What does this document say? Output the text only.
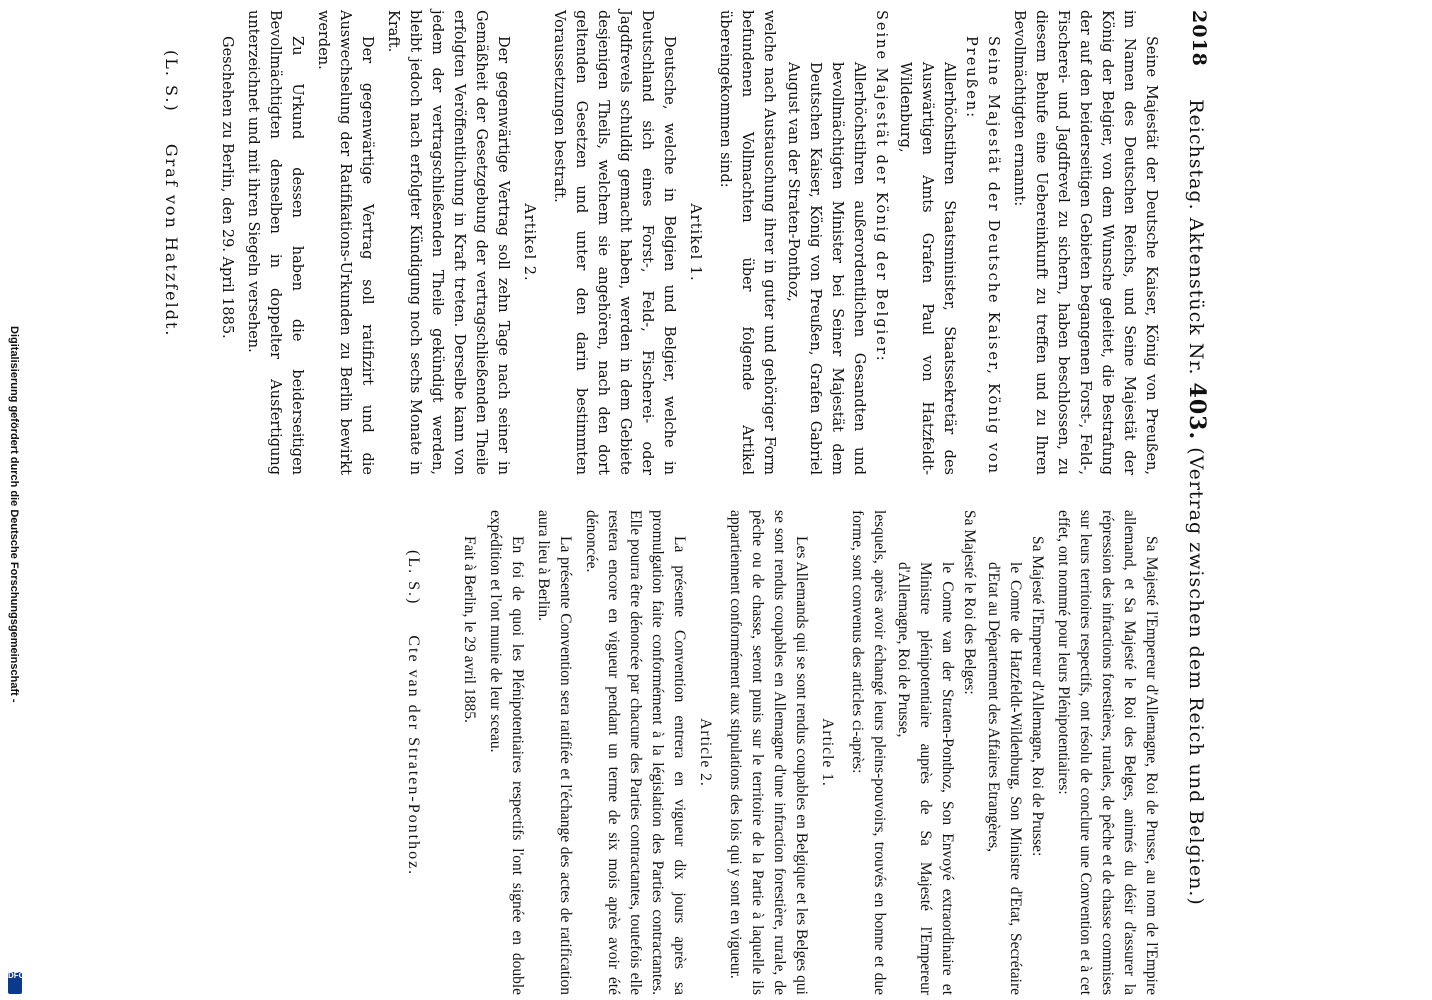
2018
Reichstag. Aktenstück Nr. 403. (Vertrag zwischen dem Reich und Belgien.)

Seine Majestät der Deutsche Kaiser, König von Preußen, im Namen des Deutschen Reichs, und Seine Majestät der König der Belgier, von dem Wunsche geleitet, die Bestrafung der auf den beiderseitigen Gebieten begangenen Forst-, Feld-, Fischerei- und Jagdfrevel zu sichern, haben beschlossen, zu diesem Behufe eine Uebereinkunft zu treffen und zu Ihren Bevollmächtigten ernannt:

Seine Majestät der Deutsche Kaiser, König von Preußen:

Allerhöchstihren Staatsminister, Staatssekretär des Auswärtigen Amts Grafen Paul von Hatzfeldt-Wildenburg,

Seine Majestät der König der Belgier:

Allerhöchstihren außerordentlichen Gesandten und bevollmächtigten Minister bei Seiner Majestät dem Deutschen Kaiser, König von Preußen, Grafen Gabriel August van der Straten-Ponthoz,

welche nach Austauschung ihrer in guter und gehöriger Form befundenen Vollmachten über folgende Artikel übereingekommen sind:

Artikel 1.

Deutsche, welche in Belgien und Belgier, welche in Deutschland sich eines Forst-, Feld-, Fischerei- oder Jagdfrevels schuldig gemacht haben, werden in dem Gebiete desjenigen Theils, welchem sie angehören, nach den dort geltenden Gesetzen und unter den darin bestimmten Voraussetzungen bestraft.

Artikel 2.

Der gegenwärtige Vertrag soll zehn Tage nach seiner in Gemäßheit der Gesetzgebung der vertragschließenden Theile erfolgten Veröffentlichung in Kraft treten. Derselbe kann von jedem der vertragschließenden Theile gekündigt werden, bleibt jedoch nach erfolgter Kündigung noch sechs Monate in Kraft.

Der gegenwärtige Vertrag soll ratifizirt und die Auswechselung der Ratifikations-Urkunden zu Berlin bewirkt werden.

Zu Urkund dessen haben die beiderseitigen Bevollmächtigten denselben in doppelter Ausfertigung unterzeichnet und mit ihren Siegeln versehen.

Geschehen zu Berlin, den 29. April 1885.

(L. S.) Graf von Hatzfeldt.

Sa Majesté l'Empereur d'Allemagne, Roi de Prusse, au nom de l'Empire allemand, et Sa Majesté le Roi des Belges, animés du désir d'assurer la répression des infractions forestières, rurales, de pêche et de chasse commises sur leurs territoires respectifs, ont résolu de conclure une Convention et à cet effet, ont nommé pour leurs Plénipotentiaires:

Sa Majesté l'Empereur d'Allemagne, Roi de Prusse:

le Comte de Hatzfeldt-Wildenburg, Son Ministre d'Etat, Secrétaire d'Etat au Département des Affaires Etrangères,

Sa Majesté le Roi des Belges:

le Comte van der Straten-Ponthoz, Son Envoyé extraordinaire et Ministre plénipotentiaire auprès de Sa Majesté l'Empereur d'Allemagne, Roi de Prusse,

lesquels, après avoir échangé leurs pleins-pouvoirs, trouvés en bonne et due forme, sont convenus des articles ci-après:

Article 1.

Les Allemands qui se sont rendus coupables en Belgique et les Belges qui se sont rendus coupables en Allemagne d'une infraction forestière, rurale, de pêche ou de chasse, seront punis sur le territoire de la Partie à laquelle ils appartiennent conformément aux stipulations des lois qui y sont en vigueur.

Article 2.

La présente Convention entrera en vigueur dix jours après sa promulgation faite conformément à la législation des Parties contractantes. Elle pourra être dénoncée par chacune des Parties contractantes, toutefois elle restera encore en vigueur pendant un terme de six mois après avoir été dénoncée.

La présente Convention sera ratifiée et l'échange des actes de ratification aura lieu à Berlin.

En foi de quoi les Plénipotentiaires respectifs l'ont signée en double expédition et l'ont munie de leur sceau.

Fait à Berlin, le 29 avril 1885.

(L. S.) Cte van der Straten-Ponthoz.

Digitalisierung gefördert durch die Deutsche Forschungsgemeinschaft -
DFG
